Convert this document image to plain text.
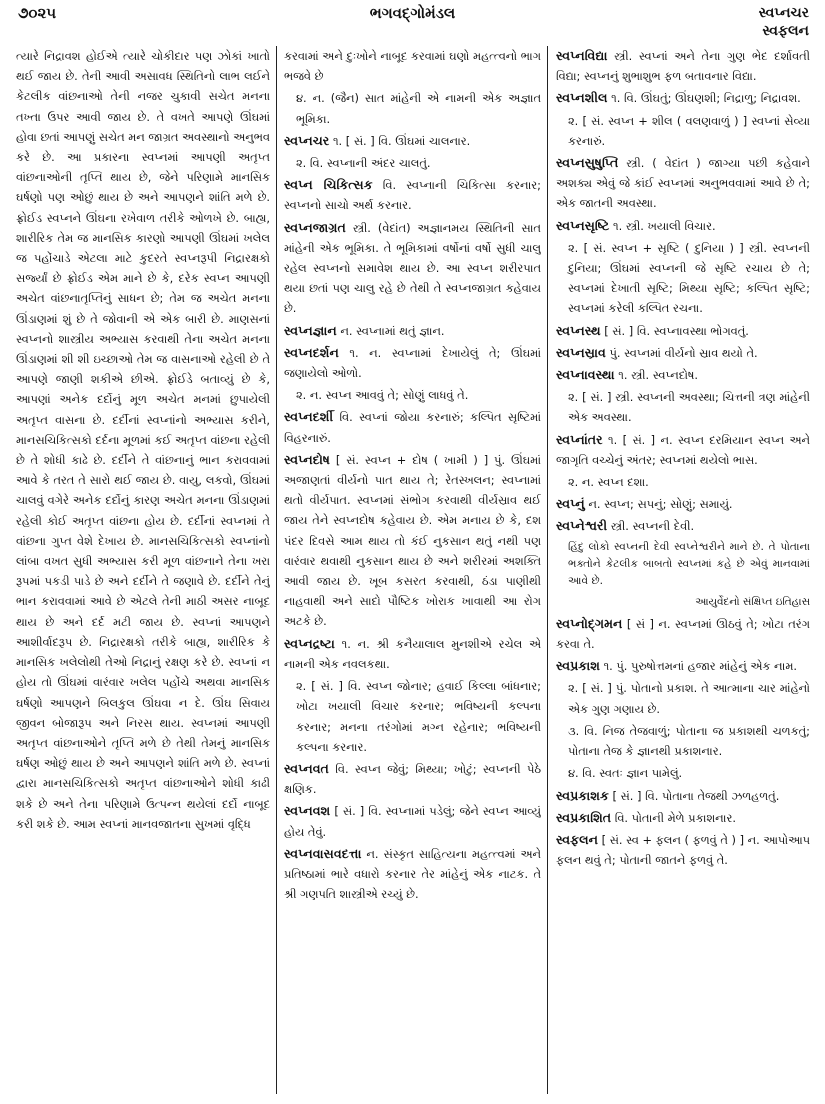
૭૦૨૫	ભગવદ્ગોમંડલ	સ્વપ્નચર
સ્વફલન

ત્યારે નિદ્રાવશ હોઈએ ત્યારે ચોકીદાર પણ ઝોકાં ખાતો થઈ જાય છે. તેની આવી અસાવધ સ્થિતિનો લાભ લઈને કેટલીક વાંછનાઓ તેની નજર ચુકાવી સચેત મનના તખ્તા ઉપર આવી જાય છે. તે વખતે આપણે ઊંઘમાં હોવા છતાં આપણું સચેત મન જાગ્રત અવસ્થાનો અનુભવ કરે છે. આ પ્રકારના સ્વપ્નમાં આપણી અતૃપ્ત વાંછનાઓની તૃપ્તિ થાય છે, જેને પરિણામે માનસિક ઘર્ષણો પણ ઓછું થાય છે અને આપણને શાંતિ મળે છે. ફ્રોઈડ સ્વપ્નને ઊંઘના રખેવાળ તરીકે ઓળખે છે. બાહ્ય, શારીરિક તેમ જ માનસિક કારણો આપણી ઊંઘમાં ખલેલ જ પહોંચાડે એટલા માટે કુદરતે સ્વપ્નરૂપી નિદ્રારક્ષકો સર્જ્યાં છે ફ્રોઈડ એમ માને છે કે, દરેક સ્વપ્ન આપણી અચેત વાંછનાતૃપ્તિનું સાધન છે; તેમ જ અચેત મનના ઊંડાણમાં શું છે તે જોવાની એ એક બારી છે. માણસનાં સ્વપ્નનો શાસ્ત્રીય અભ્યાસ કરવાથી તેના અચેત મનના ઊંડાણમાં શી શી ઇચ્છાઓ તેમ જ વાસનાઓ રહેલી છે તે આપણે જાણી શકીએ છીએ. ફ્રોઈડે બતાવ્યું છે કે, આપણાં અનેક દર્દોનું મૂળ અચેત મનમાં છુપાયેલી અતૃપ્ત વાસના છે. દર્દીનાં સ્વપ્નાંનો અભ્યાસ કરીને, માનસચિકિત્સકો દર્દના મૂળમાં કઈ અતૃપ્ત વાંછના રહેલી છે તે શોધી કાઢે છે. દર્દીને તે વાંછનાનું ભાન કરાવવામાં આવે કે તરત તે સારો થઈ જાય છે. વાયુ, લકવો, ઊંઘમાં ચાલવું વગેરે અનેક દર્દોનું કારણ અચેત મનના ઊંડાણમાં રહેલી કોઈ અતૃપ્ત વાંછના હોય છે. દર્દીનાં સ્વપ્નમાં તે વાંછના ગુપ્ત વેશે દેખાય છે. માનસચિકિત્સકો સ્વપ્નાંનો લાંબા વખત સુધી અભ્યાસ કરી મૂળ વાંછનાને તેના ખરા રૂપમાં પકડી પાડે છે અને દર્દીને તે જણાવે છે. દર્દીને તેનું ભાન કરાવવામાં આવે છે એટલે તેની માઠી અસર નાબૂદ થાય છે અને દર્દ મટી જાય છે. સ્વપ્નાં આપણને આશીર્વાદરૂપ છે. નિદ્રારક્ષકો તરીકે બાહ્ય, શારીરિક કે માનસિક ખલેલોથી તેઓ નિદ્રાનું રક્ષણ કરે છે. સ્વપ્નાં ન હોય તો ઊંઘમાં વારંવાર ખલેલ પહોંચે અથવા માનસિક ઘર્ષણો આપણને બિલકુલ ઊંઘવા ન દે. ઊંઘ સિવાય જીવન બોજારૂપ અને નિરસ થાય. સ્વપ્નમાં આપણી અતૃપ્ત વાંછનાઓને તૃપ્તિ મળે છે તેથી તેમનું માનસિક ઘર્ષણ ઓછું થાય છે અને આપણને શાંતિ મળે છે. સ્વપ્નાં દ્વારા માનસચિકિત્સકો અતૃપ્ત વાંછનાઓને શોધી કાઢી શકે છે અને તેના પરિણામે ઉત્પન્ન થયેલાં દર્દો નાબૂદ કરી શકે છે. આમ સ્વપ્નાં માનવજાતના સુખમાં વૃદ્ધિ

કરવામાં અને દુઃખોને નાબૂદ કરવામાં ઘણો મહત્ત્વનો ભાગ ભજવે છે

૪. ન. (જૈન) સાત માંહેની એ નામની એક અજ્ઞાત ભૂમિકા.

સ્વપ્નચર ૧. [ સં. ] વિ. ઊંઘમાં ચાલનાર.

૨. વિ. સ્વપ્નાની અંદર ચાલતું.

સ્વપ્ન ચિકિત્સક વિ. સ્વપ્નાની ચિકિત્સા કરનાર; સ્વપ્નનો સાચો અર્થ કરનાર.

સ્વપ્નજાગ્રત સ્ત્રી. (વેદાંત) અજ્ઞાનમય સ્થિતિની સાત માંહેની એક ભૂમિકા. તે ભૂમિકામાં વર્ષોનાં વર્ષો સુધી ચાલુ રહેલ સ્વપ્નનો સમાવેશ થાય છે. આ સ્વપ્ન શરીરપાત થયા છતાં પણ ચાલુ રહે છે તેથી તે સ્વપ્નજાગ્રત કહેવાય છે.

સ્વપ્નજ્ઞાન ન. સ્વપ્નામાં થતું જ્ઞાન.

સ્વપ્નદર્શન ૧. ન. સ્વપ્નામાં દેખાયેલું તે; ઊંઘમાં જણાયેલો ઓળો.

૨. ન. સ્વપ્ન આવવું તે; સોણું લાધવું તે.

સ્વપ્નદર્શી વિ. સ્વપ્નાં જોયા કરનારું; કલ્પિત સૃષ્ટિમાં વિહરનારું.

સ્વપ્નદોષ [ સં. સ્વપ્ન + દોષ ( ખામી ) ] પું. ઊંઘમાં અજાણતાં વીર્યનો પાત થાય તે; રેતસ્ખલન; સ્વપ્નામાં થતો વીર્યપાત. સ્વપ્નમાં સંભોગ કરવાથી વીર્યસ્રાવ થઈ જાય તેને સ્વપ્નદોષ કહેવાય છે. એમ મનાય છે કે, દશ પંદર દિવસે આમ થાય તો કંઈ નુકસાન થતું નથી પણ વારંવાર થવાથી નુકસાન થાય છે અને શરીરમાં અશક્તિ આવી જાય છે. ખૂબ કસરત કરવાથી, ઠંડા પાણીથી નાહવાથી અને સાદો પૌષ્ટિક ખોરાક ખાવાથી આ રોગ અટકે છે.

સ્વપ્નદ્રષ્ટા ૧. ન. શ્રી કનૈયાલાલ મુનશીએ રચેલ એ નામની એક નવલકથા.

૨. [ સં. ] વિ. સ્વપ્ન જોનાર; હવાઈ કિલ્લા બાંધનાર; ખોટા ખયાલી વિચાર કરનાર; ભવિષ્યની કલ્પના કરનાર; મનના તરંગોમાં મગ્ન રહેનાર; ભવિષ્યની કલ્પના કરનાર.

સ્વપ્નવત વિ. સ્વપ્ન જેવું; મિથ્યા; ખોટું; સ્વપ્નની પેઠે ક્ષણિક.

સ્વપ્નવશ [ સં. ] વિ. સ્વપ્નામાં પડેલું; જેને સ્વપ્ન આવ્યું હોય તેવું.

સ્વપ્નવાસવદત્તા ન. સંસ્કૃત સાહિત્યના મહત્ત્વમાં અને પ્રતિષ્ઠામાં ભારે વધારો કરનાર તેર માંહેનું એક નાટક. તે શ્રી ગણપતિ શાસ્ત્રીએ રચ્યું છે.

સ્વપ્નવિદ્યા સ્ત્રી. સ્વપ્નાં અને તેના ગુણ ભેદ દર્શાવતી વિદ્યા; સ્વપ્નનું શુભાશુભ ફળ બતાવનાર વિદ્યા.

સ્વપ્નશીલ ૧. વિ. ઊંઘતું; ઊંઘણશી; નિદ્રાળુ; નિદ્રાવશ.

૨. [ સં. સ્વપ્ન + શીલ ( વલણવાળું ) ] સ્વપ્નાં સેવ્યા કરનારું.

સ્વપ્નસુષુપ્તિ સ્ત્રી. ( વેદાંત ) જાગ્યા પછી કહેવાને અશક્ય એવું જે કાંઈ સ્વપ્નમાં અનુભવવામાં આવે છે તે; એક જાતની અવસ્થા.

સ્વપ્નસૃષ્ટિ ૧. સ્ત્રી. ખયાલી વિચાર.

૨. [ સં. સ્વપ્ન + સૃષ્ટિ ( દુનિયા ) ] સ્ત્રી. સ્વપ્નની દુનિયા; ઊંઘમાં સ્વપ્નની જે સૃષ્ટિ રચાય છે તે; સ્વપ્નમાં દેખાતી સૃષ્ટિ; મિથ્યા સૃષ્ટિ; કલ્પિત સૃષ્ટિ; સ્વપ્નમાં કરેલી કલ્પિત રચના.

સ્વપ્નસ્થ [ સં. ] વિ. સ્વપ્નાવસ્થા ભોગવતું.

સ્વપ્નસ્રાવ પું. સ્વપ્નમાં વીર્યનો સ્રાવ થયો તે.

સ્વપ્નાવસ્થા ૧. સ્ત્રી. સ્વપ્નદોષ.

૨. [ સં. ] સ્ત્રી. સ્વપ્નની અવસ્થા; ચિત્તની ત્રણ માંહેની એક અવસ્થા.

સ્વપ્નાંતર ૧. [ સં. ] ન. સ્વપ્ન દરમિયાન સ્વપ્ન અને જાગૃતિ વચ્ચેનું અંતર; સ્વપ્નમાં થયેલો ભાસ.

૨. ન. સ્વપ્ન દશા.

સ્વપ્નું ન. સ્વપ્ન; સપનું; સોણું; સમાયું.

સ્વપ્નેશ્વરી સ્ત્રી. સ્વપ્નની દેવી.

હિંદુ લોકો સ્વપ્નની દેવી સ્વપ્નેશ્વરીને માને છે. તે પોતાના ભક્તોને કેટલીક બાબતો સ્વપ્નમાં કહે છે એવું માનવામાં આવે છે.

આયુર્વેદનો સંક્ષિપ્ત ઇતિહાસ

સ્વપ્નોદ્ગમન [ સં ] ન. સ્વપ્નમાં ઊઠવું તે; ખોટા તરંગ કરવા તે.

સ્વપ્રકાશ ૧. પું. પુરુષોત્તમનાં હજાર માંહેનું એક નામ.

૨. [ સં. ] પું. પોતાનો પ્રકાશ. તે આત્માના ચાર માંહેનો એક ગુણ ગણાય છે.

૩. વિ. નિજ તેજવાળું; પોતાના જ પ્રકાશથી ચળકતું; પોતાના તેજ કે જ્ઞાનથી પ્રકાશનાર.

૪. વિ. સ્વતઃ જ્ઞાન પામેલું.

સ્વપ્રકાશક [ સં. ] વિ. પોતાના તેજથી ઝળહળતું.

સ્વપ્રકાશિત વિ. પોતાની મેળે પ્રકાશનાર.

સ્વફલન [ સં. સ્વ + ફલન ( ફળવું તે ) ] ન. આપોઆપ ફલન થવું તે; પોતાની જાતને ફળવું તે.
